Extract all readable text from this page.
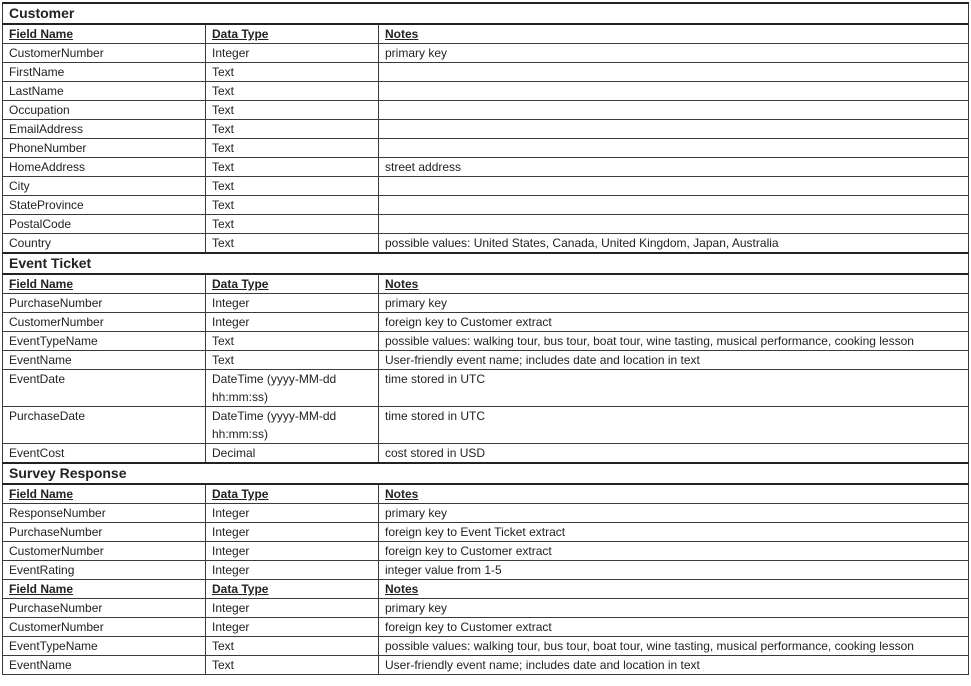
Customer		
Field Name	Data Type	Notes
CustomerNumber	Integer	primary key
FirstName	Text	
LastName	Text	
Occupation	Text	
EmailAddress	Text	
PhoneNumber	Text	
HomeAddress	Text	street address
City	Text	
StateProvince	Text	
PostalCode	Text	
Country	Text	possible values: United States, Canada, United Kingdom, Japan, Australia
Event Ticket		
Field Name	Data Type	Notes
PurchaseNumber	Integer	primary key
CustomerNumber	Integer	foreign key to Customer extract
EventTypeName	Text	possible values: walking tour, bus tour, boat tour, wine tasting, musical performance, cooking lesson
EventName	Text	User-friendly event name; includes date and location in text
EventDate	DateTime (yyyy-MM-dd hh:mm:ss)	time stored in UTC
PurchaseDate	DateTime (yyyy-MM-dd hh:mm:ss)	time stored in UTC
EventCost	Decimal	cost stored in USD
Survey Response		
Field Name	Data Type	Notes
ResponseNumber	Integer	primary key
PurchaseNumber	Integer	foreign key to Event Ticket extract
CustomerNumber	Integer	foreign key to Customer extract
EventRating	Integer	integer value from 1-5
Field Name	Data Type	Notes
PurchaseNumber	Integer	primary key
CustomerNumber	Integer	foreign key to Customer extract
EventTypeName	Text	possible values: walking tour, bus tour, boat tour, wine tasting, musical performance, cooking lesson
EventName	Text	User-friendly event name; includes date and location in text
